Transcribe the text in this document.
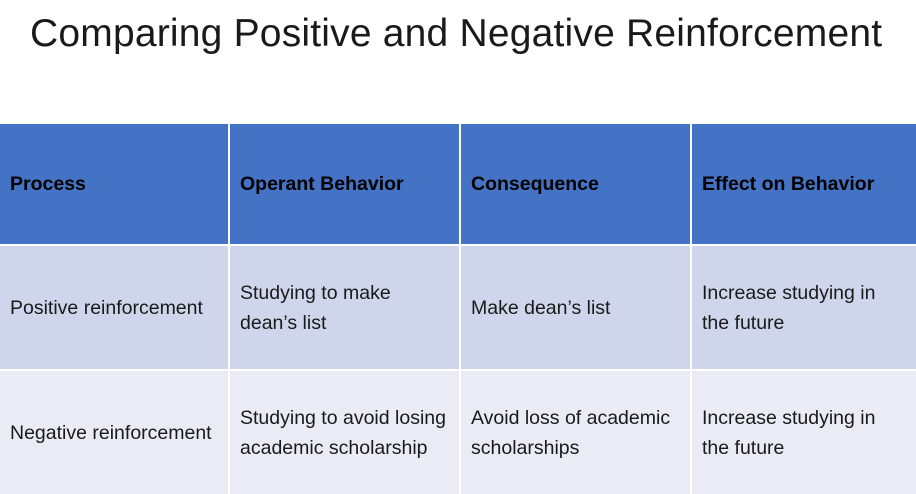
Comparing Positive and Negative Reinforcement
Process	Operant Behavior	Consequence	Effect on Behavior
Positive reinforcement	Studying to make dean’s list	Make dean’s list	Increase studying in the future
Negative reinforcement	Studying to avoid losing academic scholarship	Avoid loss of academic scholarships	Increase studying in the future
